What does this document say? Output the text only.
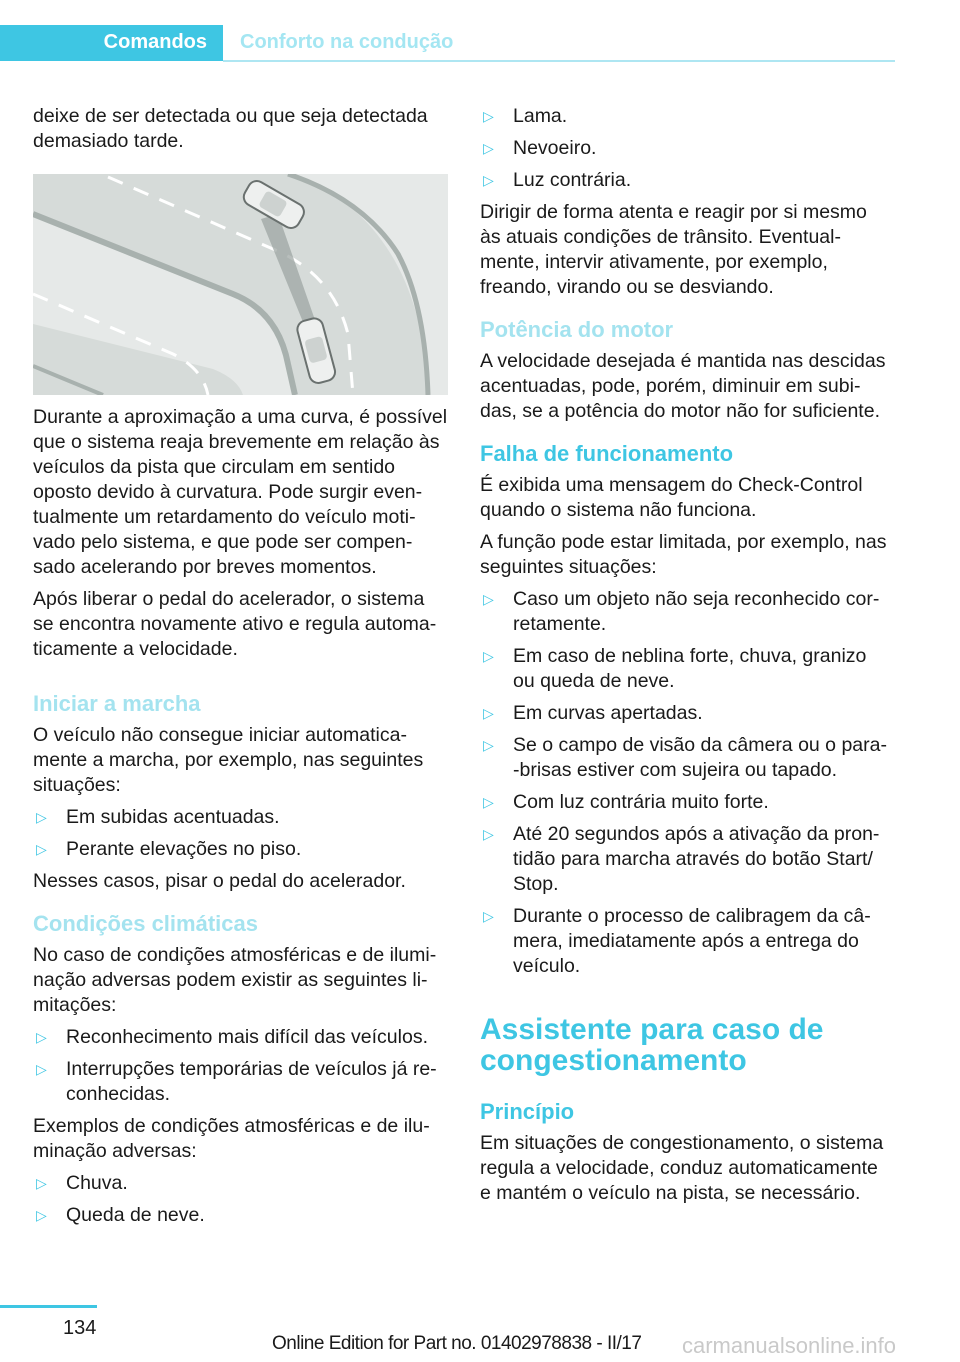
Comandos Conforto na condução
deixe de ser detectada ou que seja detectada
demasiado tarde.
Durante a aproximação a uma curva, é possível
que o sistema reaja brevemente em relação às
veículos da pista que circulam em sentido
oposto devido à curvatura. Pode surgir even-
tualmente um retardamento do veículo moti-
vado pelo sistema, e que pode ser compen-
sado acelerando por breves momentos.
Após liberar o pedal do acelerador, o sistema
se encontra novamente ativo e regula automa-
ticamente a velocidade.
Iniciar a marcha
O veículo não consegue iniciar automatica-
mente a marcha, por exemplo, nas seguintes
situações:
▷ Em subidas acentuadas.
▷ Perante elevações no piso.
Nesses casos, pisar o pedal do acelerador.
Condições climáticas
No caso de condições atmosféricas e de ilumi-
nação adversas podem existir as seguintes li-
mitações:
▷ Reconhecimento mais difícil das veículos.
▷ Interrupções temporárias de veículos já re-
conhecidas.
Exemplos de condições atmosféricas e de ilu-
minação adversas:
▷ Chuva.
▷ Queda de neve.
▷ Lama.
▷ Nevoeiro.
▷ Luz contrária.
Dirigir de forma atenta e reagir por si mesmo
às atuais condições de trânsito. Eventual-
mente, intervir ativamente, por exemplo,
freando, virando ou se desviando.
Potência do motor
A velocidade desejada é mantida nas descidas
acentuadas, pode, porém, diminuir em subi-
das, se a potência do motor não for suficiente.
Falha de funcionamento
É exibida uma mensagem do Check-Control
quando o sistema não funciona.
A função pode estar limitada, por exemplo, nas
seguintes situações:
▷ Caso um objeto não seja reconhecido cor-
retamente.
▷ Em caso de neblina forte, chuva, granizo
ou queda de neve.
▷ Em curvas apertadas.
▷ Se o campo de visão da câmera ou o para-
-brisas estiver com sujeira ou tapado.
▷ Com luz contrária muito forte.
▷ Até 20 segundos após a ativação da pron-
tidão para marcha através do botão Start/
Stop.
▷ Durante o processo de calibragem da câ-
mera, imediatamente após a entrega do
veículo.
Assistente para caso de
congestionamento
Princípio
Em situações de congestionamento, o sistema
regula a velocidade, conduz automaticamente
e mantém o veículo na pista, se necessário.
134
Online Edition for Part no. 01402978838 - II/17 carmanualsonline.info
